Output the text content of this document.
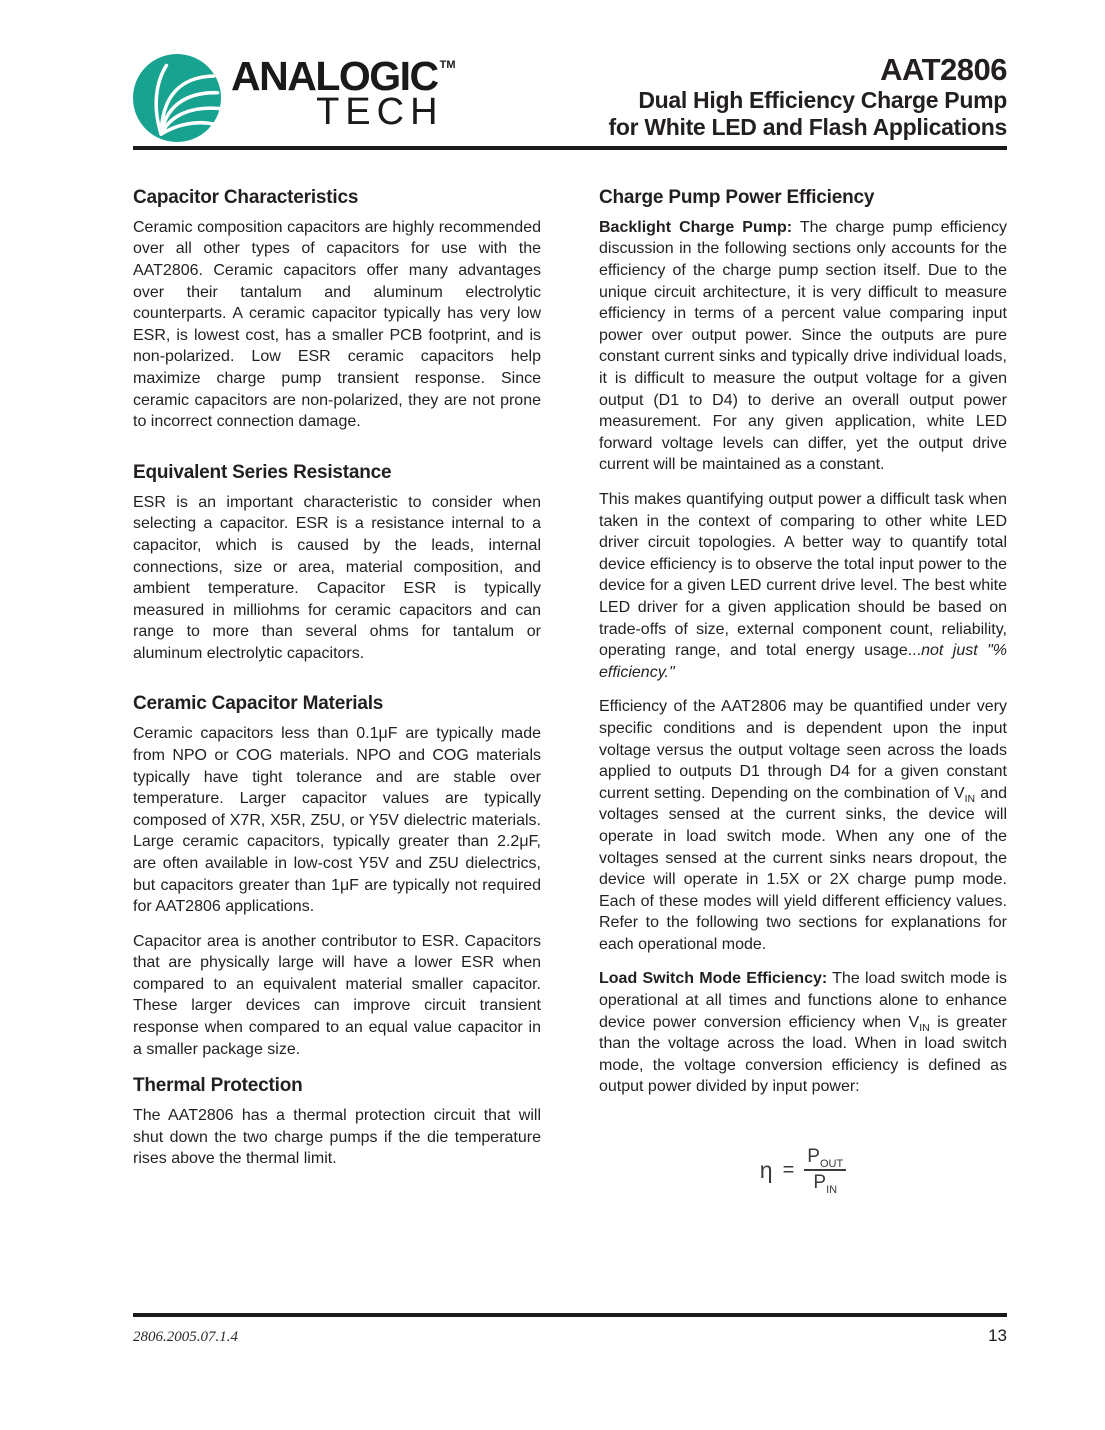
ANALOGIC ™
TECH
AAT2806
Dual High Efficiency Charge Pump
for White LED and Flash Applications
Capacitor Characteristics

Ceramic composition capacitors are highly recommended over all other types of capacitors for use with the AAT2806. Ceramic capacitors offer many advantages over their tantalum and aluminum electrolytic counterparts. A ceramic capacitor typically has very low ESR, is lowest cost, has a smaller PCB footprint, and is non-polarized. Low ESR ceramic capacitors help maximize charge pump transient response. Since ceramic capacitors are non-polarized, they are not prone to incorrect connection damage.

Equivalent Series Resistance

ESR is an important characteristic to consider when selecting a capacitor. ESR is a resistance internal to a capacitor, which is caused by the leads, internal connections, size or area, material composition, and ambient temperature. Capacitor ESR is typically measured in milliohms for ceramic capacitors and can range to more than several ohms for tantalum or aluminum electrolytic capacitors.

Ceramic Capacitor Materials

Ceramic capacitors less than 0.1μF are typically made from NPO or COG materials. NPO and COG materials typically have tight tolerance and are stable over temperature. Larger capacitor values are typically composed of X7R, X5R, Z5U, or Y5V dielectric materials. Large ceramic capacitors, typically greater than 2.2μF, are often available in low-cost Y5V and Z5U dielectrics, but capacitors greater than 1μF are typically not required for AAT2806 applications.

Capacitor area is another contributor to ESR. Capacitors that are physically large will have a lower ESR when compared to an equivalent material smaller capacitor. These larger devices can improve circuit transient response when compared to an equal value capacitor in a smaller package size.

Thermal Protection

The AAT2806 has a thermal protection circuit that will shut down the two charge pumps if the die temperature rises above the thermal limit.

Charge Pump Power Efficiency

Backlight Charge Pump: The charge pump efficiency discussion in the following sections only accounts for the efficiency of the charge pump section itself. Due to the unique circuit architecture, it is very difficult to measure efficiency in terms of a percent value comparing input power over output power. Since the outputs are pure constant current sinks and typically drive individual loads, it is difficult to measure the output voltage for a given output (D1 to D4) to derive an overall output power measurement. For any given application, white LED forward voltage levels can differ, yet the output drive current will be maintained as a constant.

This makes quantifying output power a difficult task when taken in the context of comparing to other white LED driver circuit topologies. A better way to quantify total device efficiency is to observe the total input power to the device for a given LED current drive level. The best white LED driver for a given application should be based on trade-offs of size, external component count, reliability, operating range, and total energy usage...not just "% efficiency."

Efficiency of the AAT2806 may be quantified under very specific conditions and is dependent upon the input voltage versus the output voltage seen across the loads applied to outputs D1 through D4 for a given constant current setting. Depending on the combination of $V_{IN}$ and voltages sensed at the current sinks, the device will operate in load switch mode. When any one of the voltages sensed at the current sinks nears dropout, the device will operate in 1.5X or 2X charge pump mode. Each of these modes will yield different efficiency values. Refer to the following two sections for explanations for each operational mode.

Load Switch Mode Efficiency: The load switch mode is operational at all times and functions alone to enhance device power conversion efficiency when $V_{IN}$ is greater than the voltage across the load. When in load switch mode, the voltage conversion efficiency is defined as output power divided by input power:

$\eta = \frac{P_{OUT}}{P_{IN}}$
2806.2005.07.1.4	13
